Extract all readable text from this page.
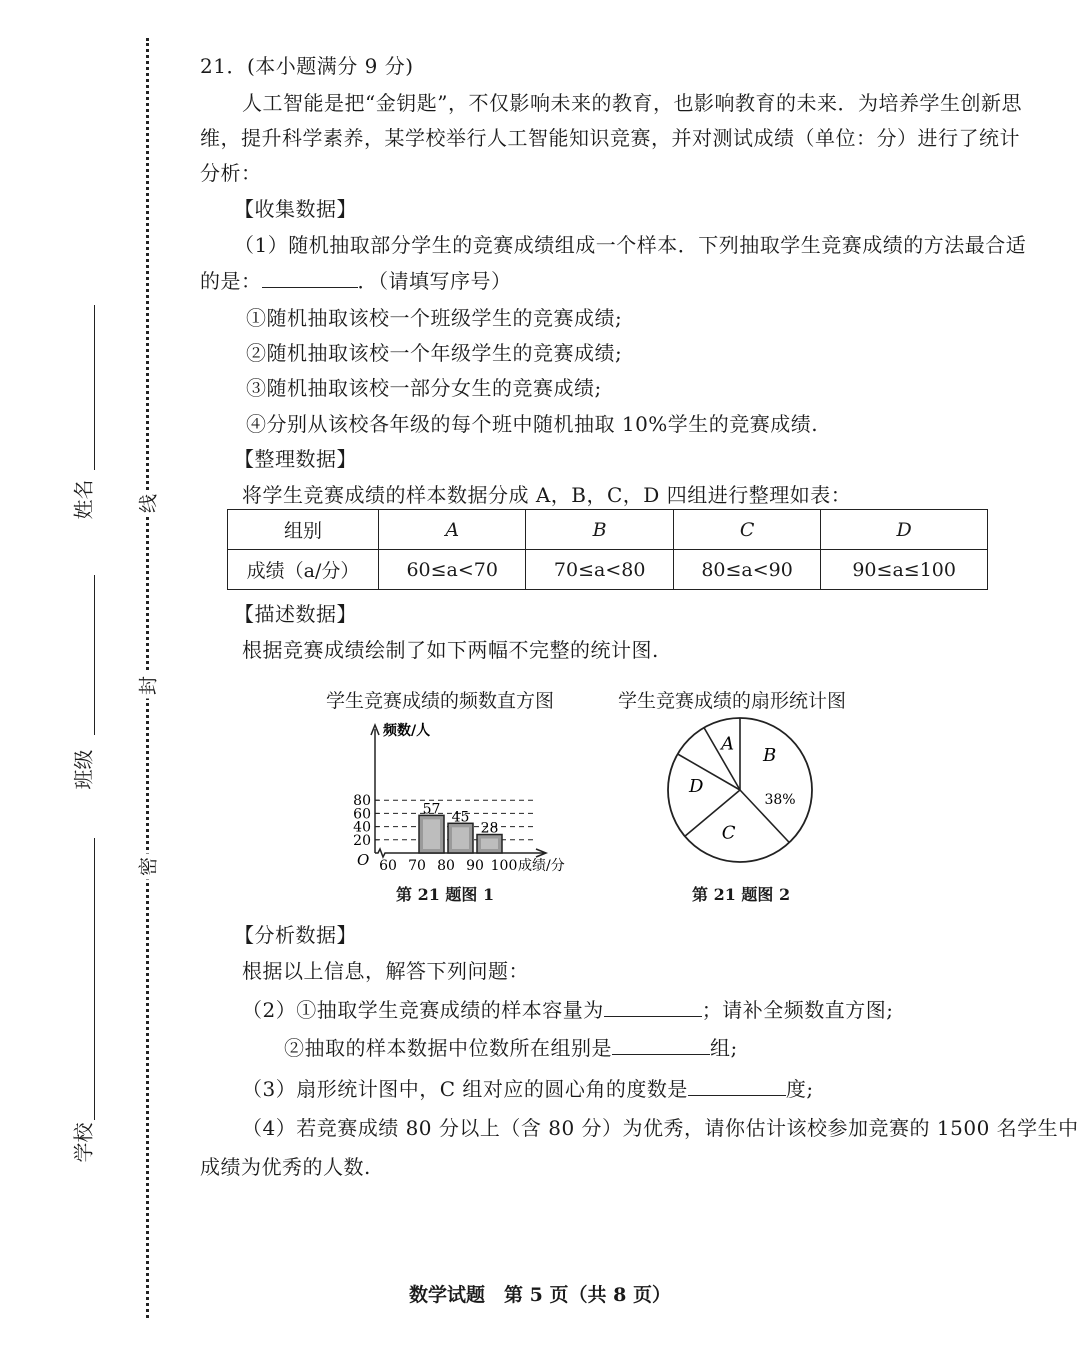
姓名
班级
学校
线
封
密
21．(本小题满分 9 分)
人工智能是把“金钥匙”，不仅影响未来的教育，也影响教育的未来．为培养学生创新思
维，提升科学素养，某学校举行人工智能知识竞赛，并对测试成绩（单位：分）进行了统计
分析：
【收集数据】
（1）随机抽取部分学生的竞赛成绩组成一个样本．下列抽取学生竞赛成绩的方法最合适
的是：	．（请填写序号）
①随机抽取该校一个班级学生的竞赛成绩;
②随机抽取该校一个年级学生的竞赛成绩;
③随机抽取该校一部分女生的竞赛成绩;
④分别从该校各年级的每个班中随机抽取 10%学生的竞赛成绩.
【整理数据】
将学生竞赛成绩的样本数据分成 A，B，C，D 四组进行整理如表：
【描述数据】
根据竞赛成绩绘制了如下两幅不完整的统计图.
【分析数据】
根据以上信息，解答下列问题：
（2）①抽取学生竞赛成绩的样本容量为	；请补全频数直方图;
②抽取的样本数据中位数所在组别是	组;
（3）扇形统计图中，C 组对应的圆心角的度数是	度;
（4）若竞赛成绩 80 分以上（含 80 分）为优秀，请你估计该校参加竞赛的 1500 名学生中
成绩为优秀的人数.
组别	A	B	C	D
成绩（a/分）	60≤a<70	70≤a<80	80≤a<90	90≤a≤100
学生竞赛成绩的频数直方图	学生竞赛成绩的扇形统计图
第 21 题图 1	第 21 题图 2
20
40
60
80
频数/人
O 60 70 80 90 100 成绩/分
57 45
28
A
B
C
D
38%
数学试题　第 5 页（共 8 页）
